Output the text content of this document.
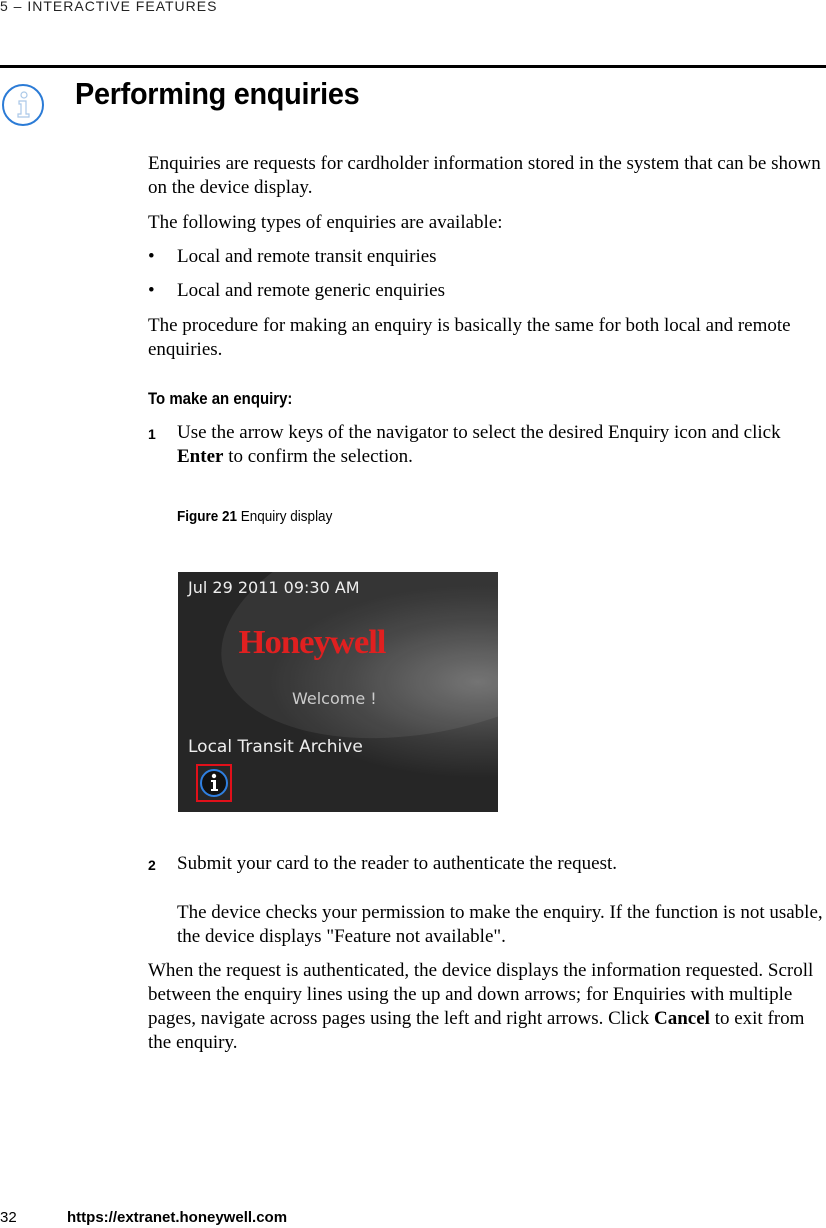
5 – INTERACTIVE FEATURES
Performing enquiries
Enquiries are requests for cardholder information stored in the system that can be shown on the device display.
The following types of enquiries are available:
• Local and remote transit enquiries
• Local and remote generic enquiries
The procedure for making an enquiry is basically the same for both local and remote enquiries.
To make an enquiry:
1 Use the arrow keys of the navigator to select the desired Enquiry icon and click Enter to confirm the selection.
Figure 21 Enquiry display
Jul 29 2011 09:30 AM
Honeywell
Welcome !
Local Transit Archive
2 Submit your card to the reader to authenticate the request.
The device checks your permission to make the enquiry. If the function is not usable, the device displays "Feature not available".
When the request is authenticated, the device displays the information requested. Scroll between the enquiry lines using the up and down arrows; for Enquiries with multiple pages, navigate across pages using the left and right arrows. Click Cancel to exit from the enquiry.
32	https://extranet.honeywell.com
